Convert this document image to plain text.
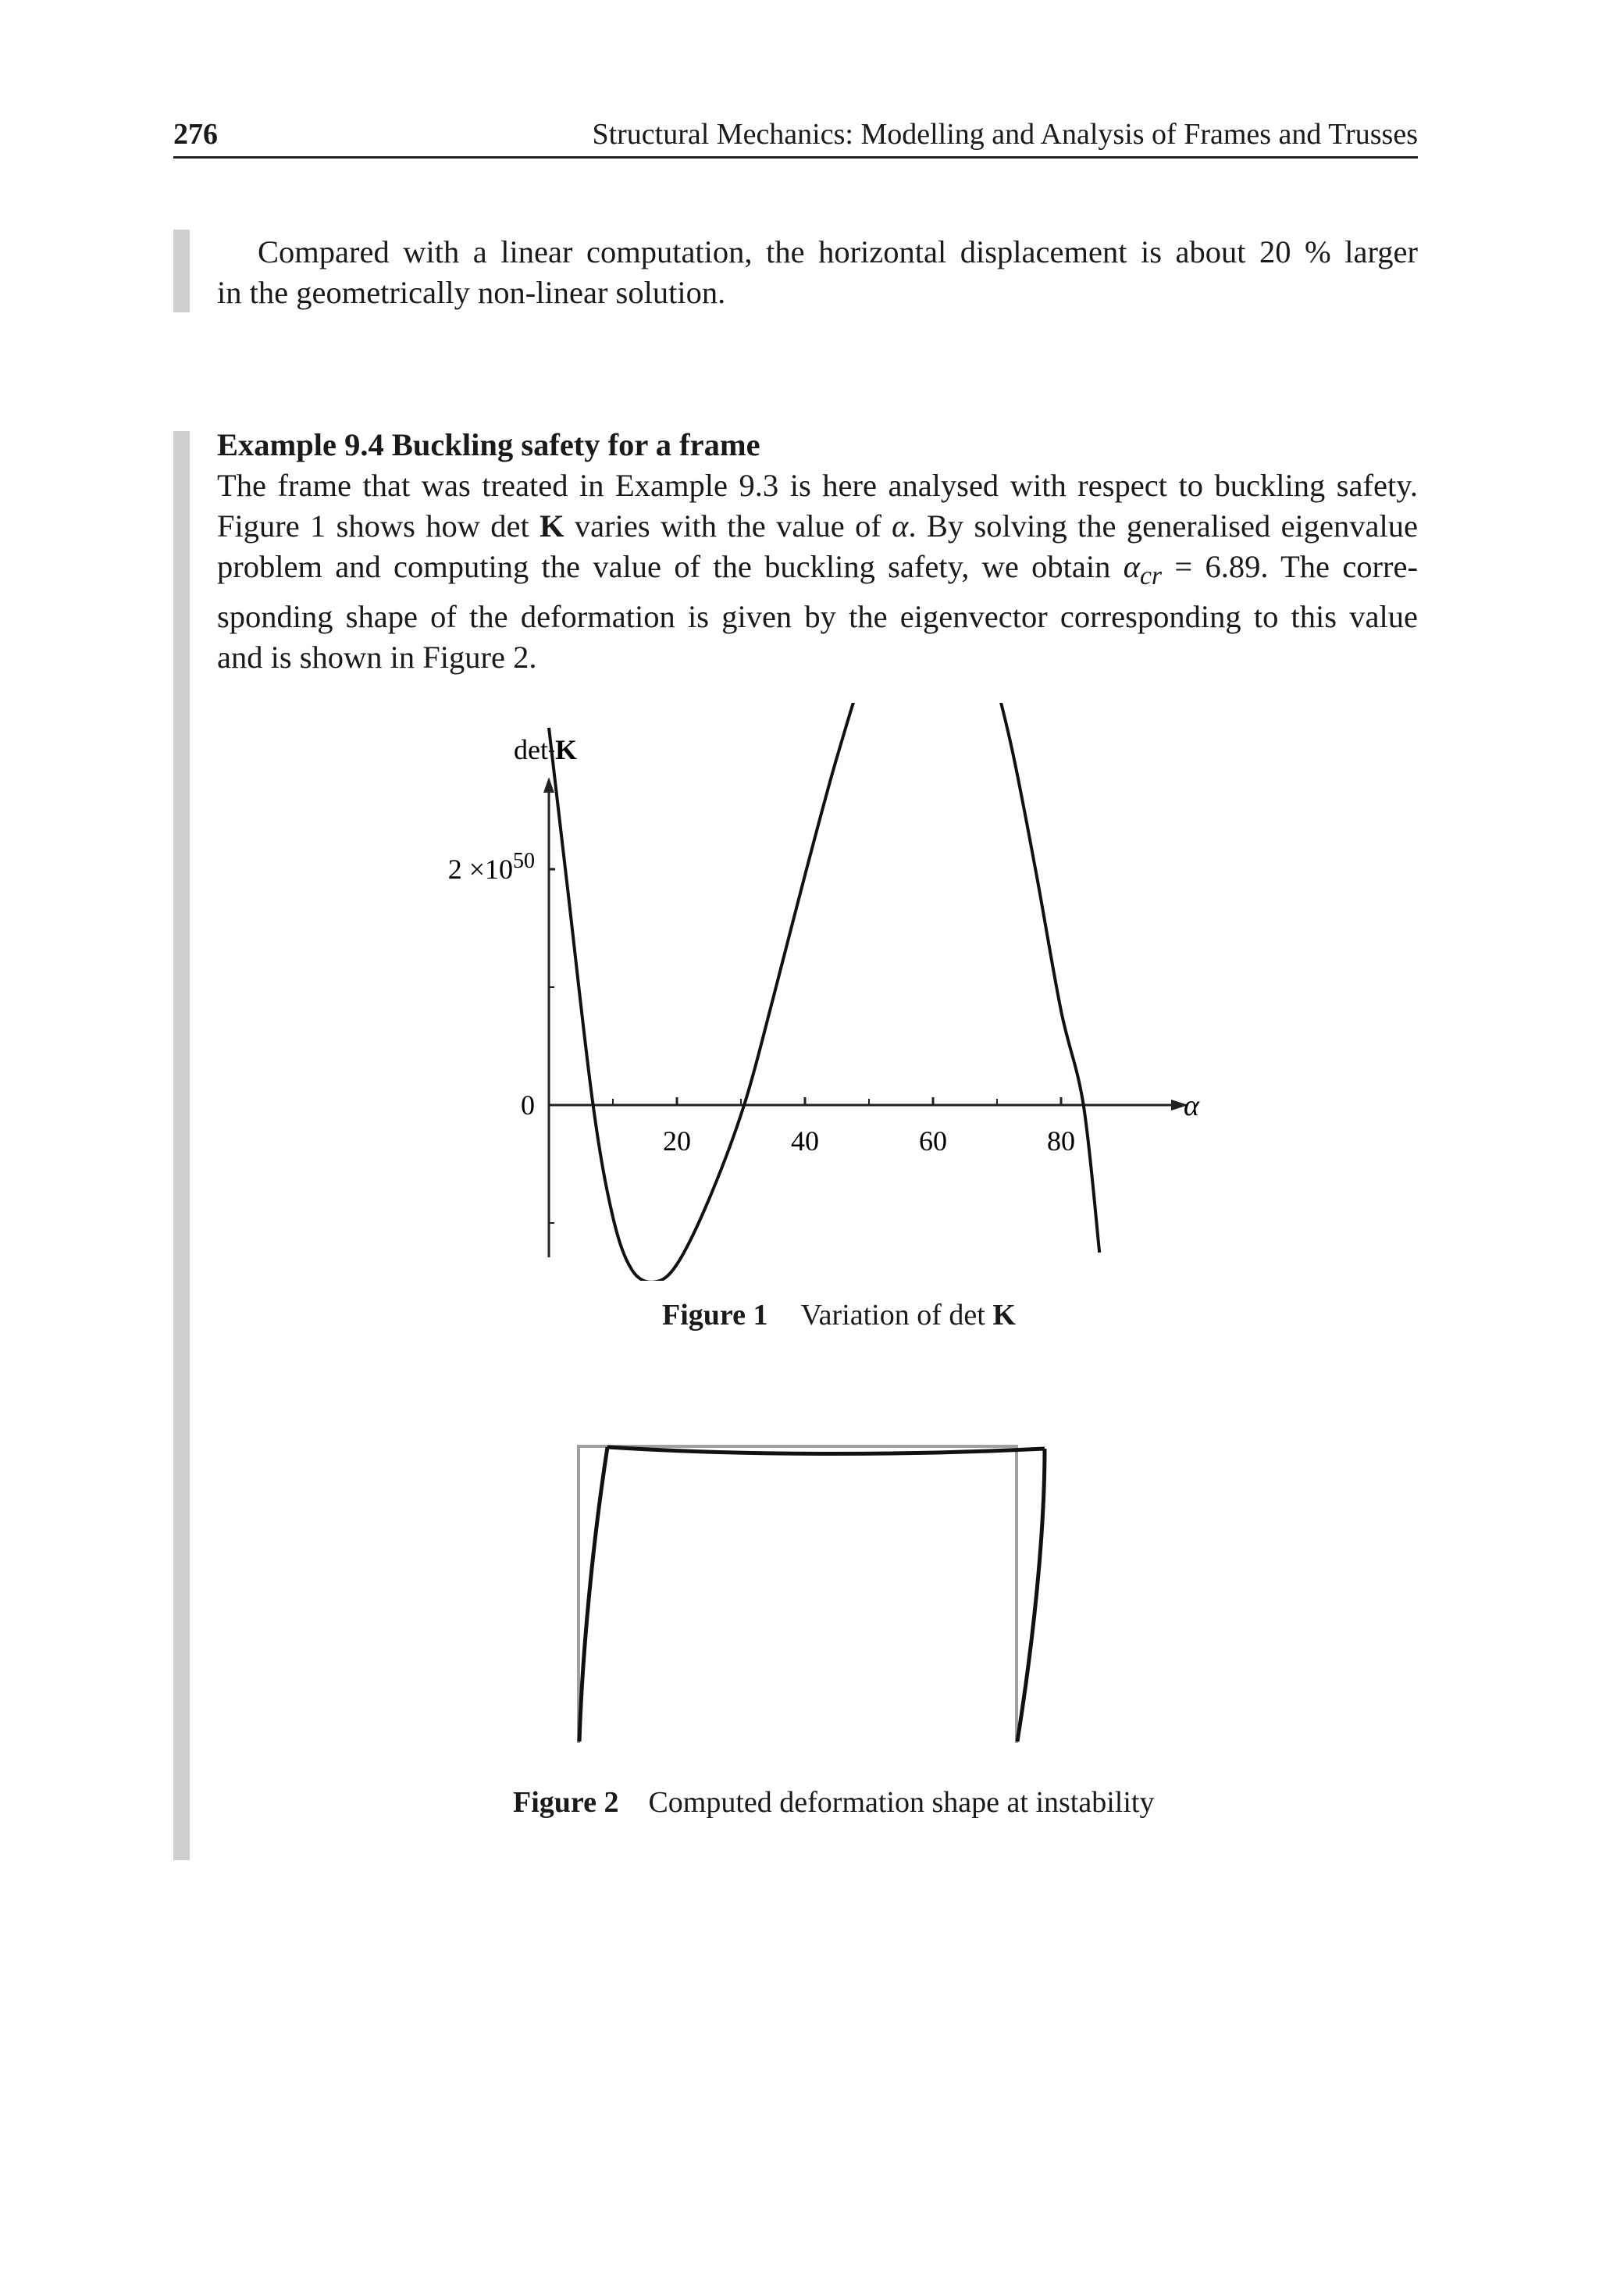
276	Structural Mechanics: Modelling and Analysis of Frames and Trusses
Compared with a linear computation, the horizontal displacement is about 20 % larger
in the geometrically non-linear solution.
Example 9.4 Buckling safety for a frame
The frame that was treated in Example 9.3 is here analysed with respect to buckling safety.
Figure 1 shows how det K varies with the value of α. By solving the generalised eigenvalue
problem and computing the value of the buckling safety, we obtain $\alpha_{cr} = 6.89$. The corre-
sponding shape of the deformation is given by the eigenvector corresponding to this value
and is shown in Figure 2.
det K
α
20	40	60	80
$2 \times 10^{50}$
0
Figure 1 Variation of det K
Figure 2 Computed deformation shape at instability
